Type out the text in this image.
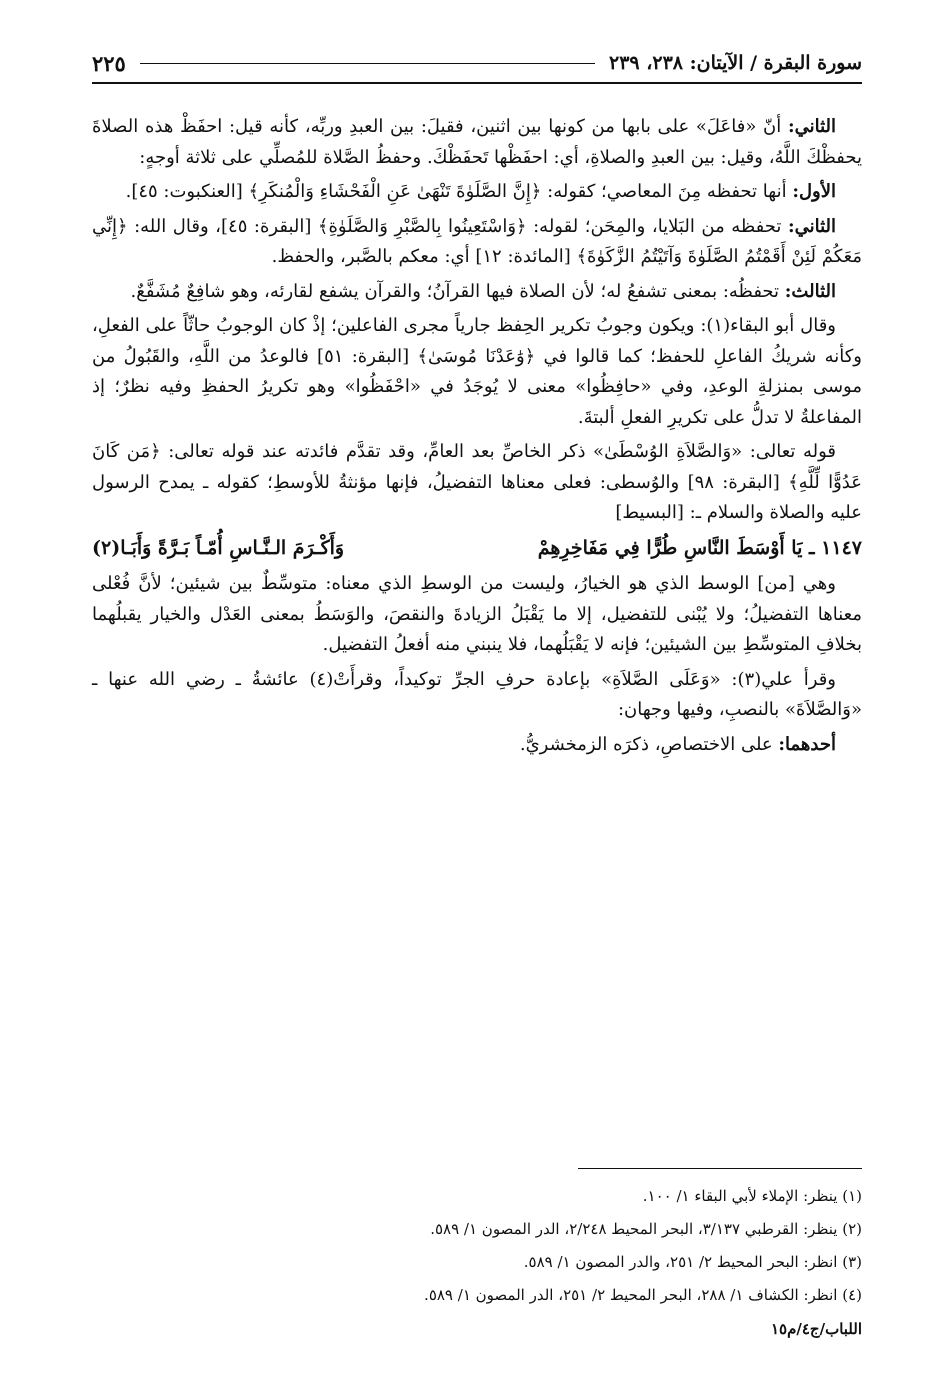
سورة البقرة / الآيتان: ٢٣٨، ٢٣٩
٢٢٥

الثاني: أنّ «فاعَلَ» على بابها من كونها بين اثنين، فقيلَ: بين العبدِ وربِّه، كأنه قيل: احفَظْ هذه الصلاةَ يحفظْكَ اللَّهُ، وقيل: بين العبدِ والصلاةِ، أي: احفَظْها تَحفَظْكَ. وحفظُ الصَّلاة للمُصلِّي على ثلاثة أوجهٍ:

الأول: أنها تحفظه مِنَ المعاصي؛ كقوله: ﴿إِنَّ الصَّلَوٰةَ تَنْهَىٰ عَنِ الْفَحْشَاءِ وَالْمُنكَرِ﴾ [العنكبوت: ٤٥].

الثاني: تحفظه من البَلايا، والمِحَن؛ لقوله: ﴿وَاسْتَعِينُوا بِالصَّبْرِ وَالصَّلَوٰةِ﴾ [البقرة: ٤٥]، وقال الله: ﴿إِنِّي مَعَكُمْ لَئِنْ أَقَمْتُمُ الصَّلَوٰةَ وَآتَيْتُمُ الزَّكَوٰةَ﴾ [المائدة: ١٢] أي: معكم بالصَّبر، والحفظ.

الثالث: تحفظُه: بمعنى تشفعُ له؛ لأن الصلاة فيها القرآنُ؛ والقرآن يشفع لقارئه، وهو شافِعٌ مُشَفَّعٌ.

وقال أبو البقاء(١): ويكون وجوبُ تكرير الحِفظ جارياً مجرى الفاعلين؛ إذْ كان الوجوبُ حاثّاً على الفعلِ، وكأنه شريكُ الفاعلِ للحفظ؛ كما قالوا في ﴿وَٰعَدْنَا مُوسَىٰ﴾ [البقرة: ٥١] فالوعدُ من اللَّهِ، والقَبُولُ من موسى بمنزلةِ الوعدِ، وفي «حافِظُوا» معنى لا يُوجَدُ في «احْفَظُوا» وهو تكريرُ الحفظِ وفيه نظرٌ؛ إذ المفاعلةُ لا تدلُّ على تكريرِ الفعلِ ألبتةَ.

قوله تعالى: «وَالصَّلاَةِ الوُسْطَىٰ» ذكر الخاصِّ بعد العامِّ، وقد تقدَّم فائدته عند قوله تعالى: ﴿مَن كَانَ عَدُوًّا لِّلَّهِ﴾ [البقرة: ٩٨] والوُسطى: فعلى معناها التفضيلُ، فإنها مؤنثةُ للأوسطِ؛ كقوله ـ يمدح الرسول عليه والصلاة والسلام ـ: [البسيط]

١١٤٧ ـ يَا أَوْسَطَ النَّاسِ طُرًّا فِي مَفَاخِرِهِمْ
وَأَكْـرَمَ الـنَّـاسِ أُمّـاً بَـرَّةً وَأَبَـا(٢)

وهي [من] الوسط الذي هو الخيارُ، وليست من الوسطِ الذي معناه: متوسِّطٌ بين شيئين؛ لأنَّ فُعْلى معناها التفضيلُ؛ ولا يُبْنى للتفضيل، إلا ما يَقْبَلُ الزيادةَ والنقصَ، والوَسَطُ بمعنى العَدْل والخيار يقبلُهما بخلافِ المتوسِّطِ بين الشيئين؛ فإنه لا يَقْبَلُهما، فلا ينبني منه أفعلُ التفضيل.

وقرأ علي(٣): «وَعَلَى الصَّلاَةِ» بإعادة حرفِ الجرِّ توكيداً، وقرأَتْ(٤) عائشةُ ـ رضي الله عنها ـ «وَالصَّلاَةَ» بالنصبِ، وفيها وجهان:

أحدهما: على الاختصاصِ، ذكرَه الزمخشريُّ.

(١) ينظر: الإملاء لأبي البقاء ١/ ١٠٠.

(٢) ينظر: القرطبي ٣/١٣٧، البحر المحيط ٢/٢٤٨، الدر المصون ١/ ٥٨٩.

(٣) انظر: البحر المحيط ٢/ ٢٥١، والدر المصون ١/ ٥٨٩.

(٤) انظر: الكشاف ١/ ٢٨٨، البحر المحيط ٢/ ٢٥١، الدر المصون ١/ ٥٨٩.

اللباب/ج٤/م١٥
